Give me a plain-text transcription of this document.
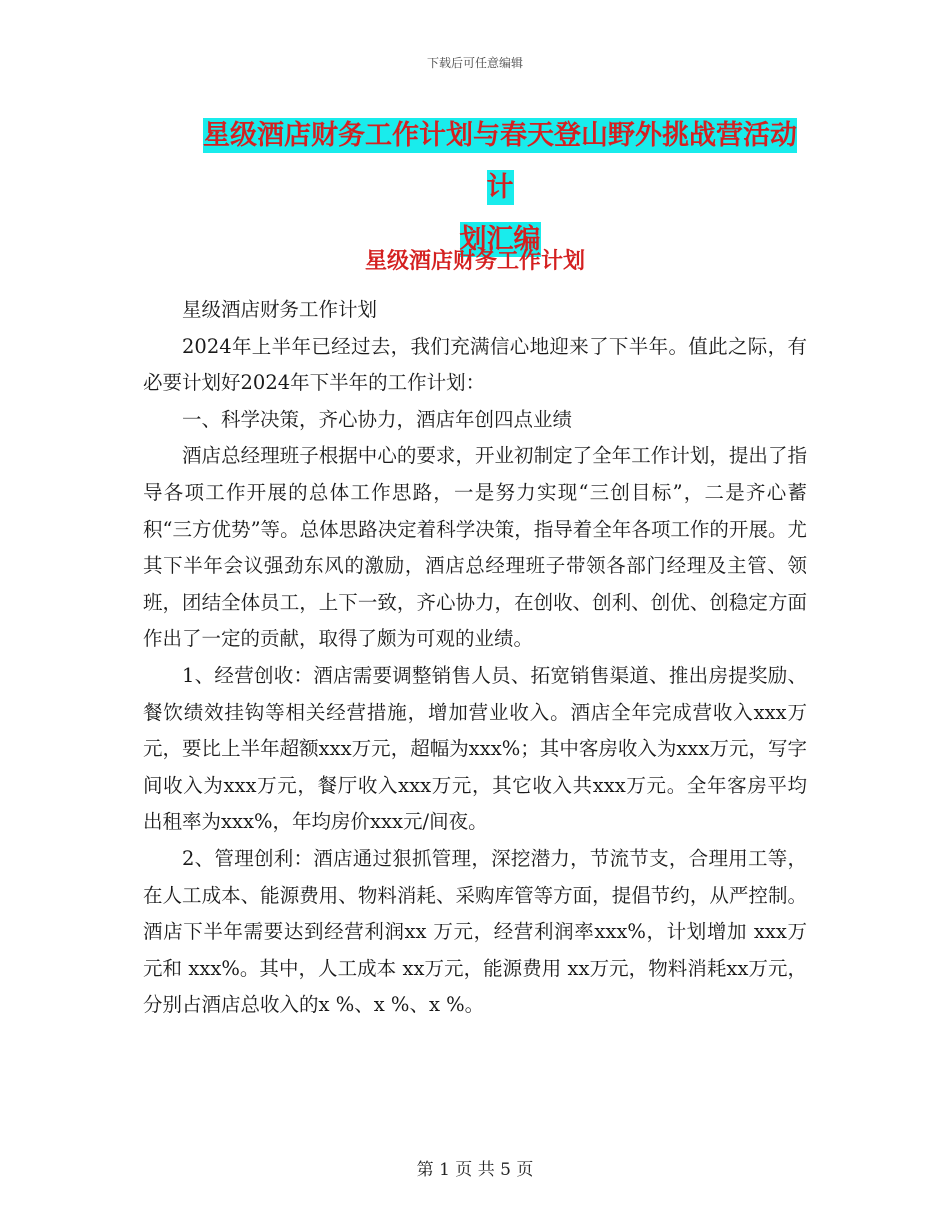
下载后可任意编辑
星级酒店财务工作计划与春天登山野外挑战营活动计
划汇编
星级酒店财务工作计划

星级酒店财务工作计划

2024年上半年已经过去，我们充满信心地迎来了下半年。值此之际，有必要计划好2024年下半年的工作计划：

一、科学决策，齐心协力，酒店年创四点业绩

酒店总经理班子根据中心的要求，开业初制定了全年工作计划，提出了指导各项工作开展的总体工作思路，一是努力实现“三创目标”，二是齐心蓄积“三方优势”等。总体思路决定着科学决策，指导着全年各项工作的开展。尤其下半年会议强劲东风的激励，酒店总经理班子带领各部门经理及主管、领班，团结全体员工，上下一致，齐心协力，在创收、创利、创优、创稳定方面作出了一定的贡献，取得了颇为可观的业绩。

1、经营创收：酒店需要调整销售人员、拓宽销售渠道、推出房提奖励、餐饮绩效挂钩等相关经营措施，增加营业收入。酒店全年完成营收入xxx万元，要比上半年超额xxx万元，超幅为xxx%；其中客房收入为xxx万元，写字间收入为xxx万元，餐厅收入xxx万元，其它收入共xxx万元。全年客房平均出租率为xxx%，年均房价xxx元/间夜。

2、管理创利：酒店通过狠抓管理，深挖潜力，节流节支，合理用工等，在人工成本、能源费用、物料消耗、采购库管等方面，提倡节约，从严控制。酒店下半年需要达到经营利润xx 万元，经营利润率xxx%，计划增加 xxx万元和 xxx%。其中，人工成本 xx万元，能源费用 xx万元，物料消耗xx万元，分别占酒店总收入的x %、x %、x %。

第 1 页 共 5 页
